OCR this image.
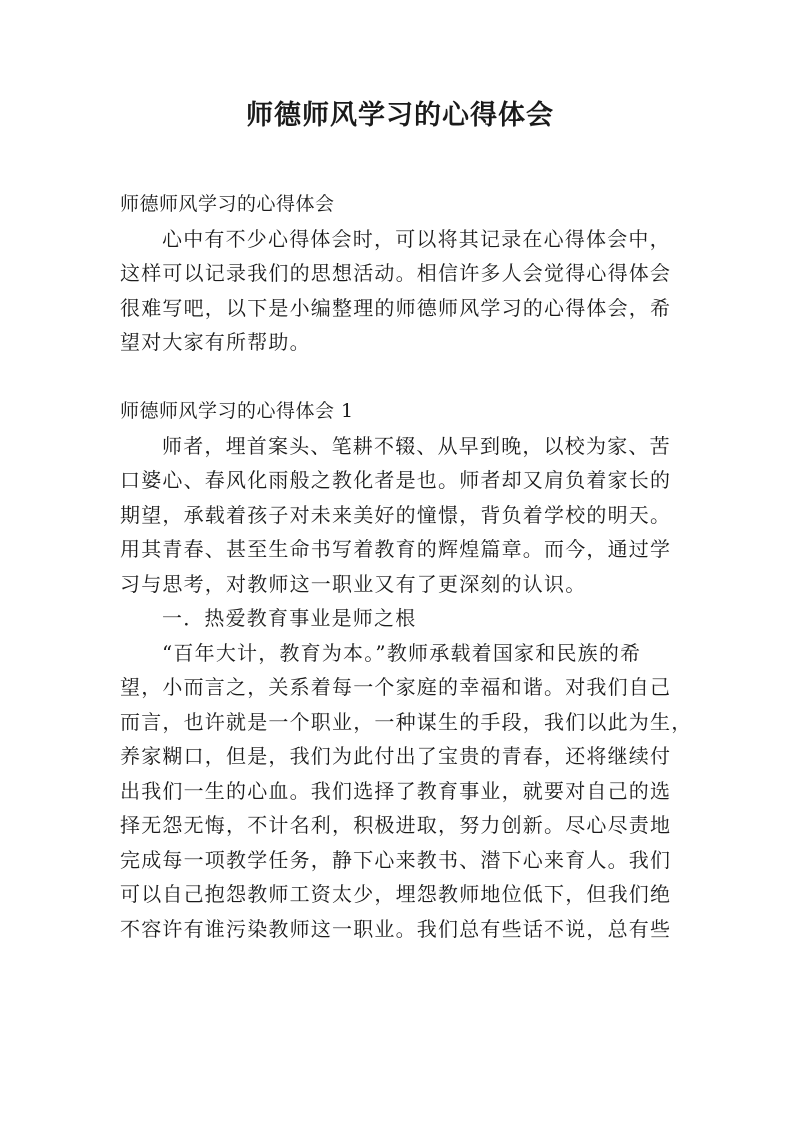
师德师风学习的心得体会
师德师风学习的心得体会
心中有不少心得体会时，可以将其记录在心得体会中，
这样可以记录我们的思想活动。相信许多人会觉得心得体会
很难写吧，以下是小编整理的师德师风学习的心得体会，希
望对大家有所帮助。
师德师风学习的心得体会 1
师者，埋首案头、笔耕不辍、从早到晚，以校为家、苦
口婆心、春风化雨般之教化者是也。师者却又肩负着家长的
期望，承载着孩子对未来美好的憧憬，背负着学校的明天。
用其青春、甚至生命书写着教育的辉煌篇章。而今，通过学
习与思考，对教师这一职业又有了更深刻的认识。
一．热爱教育事业是师之根
“百年大计，教育为本。”教师承载着国家和民族的希
望，小而言之，关系着每一个家庭的幸福和谐。对我们自己
而言，也许就是一个职业，一种谋生的手段，我们以此为生，
养家糊口，但是，我们为此付出了宝贵的青春，还将继续付
出我们一生的心血。我们选择了教育事业，就要对自己的选
择无怨无悔，不计名利，积极进取，努力创新。尽心尽责地
完成每一项教学任务，静下心来教书、潜下心来育人。我们
可以自己抱怨教师工资太少，埋怨教师地位低下，但我们绝
不容许有谁污染教师这一职业。我们总有些话不说，总有些
